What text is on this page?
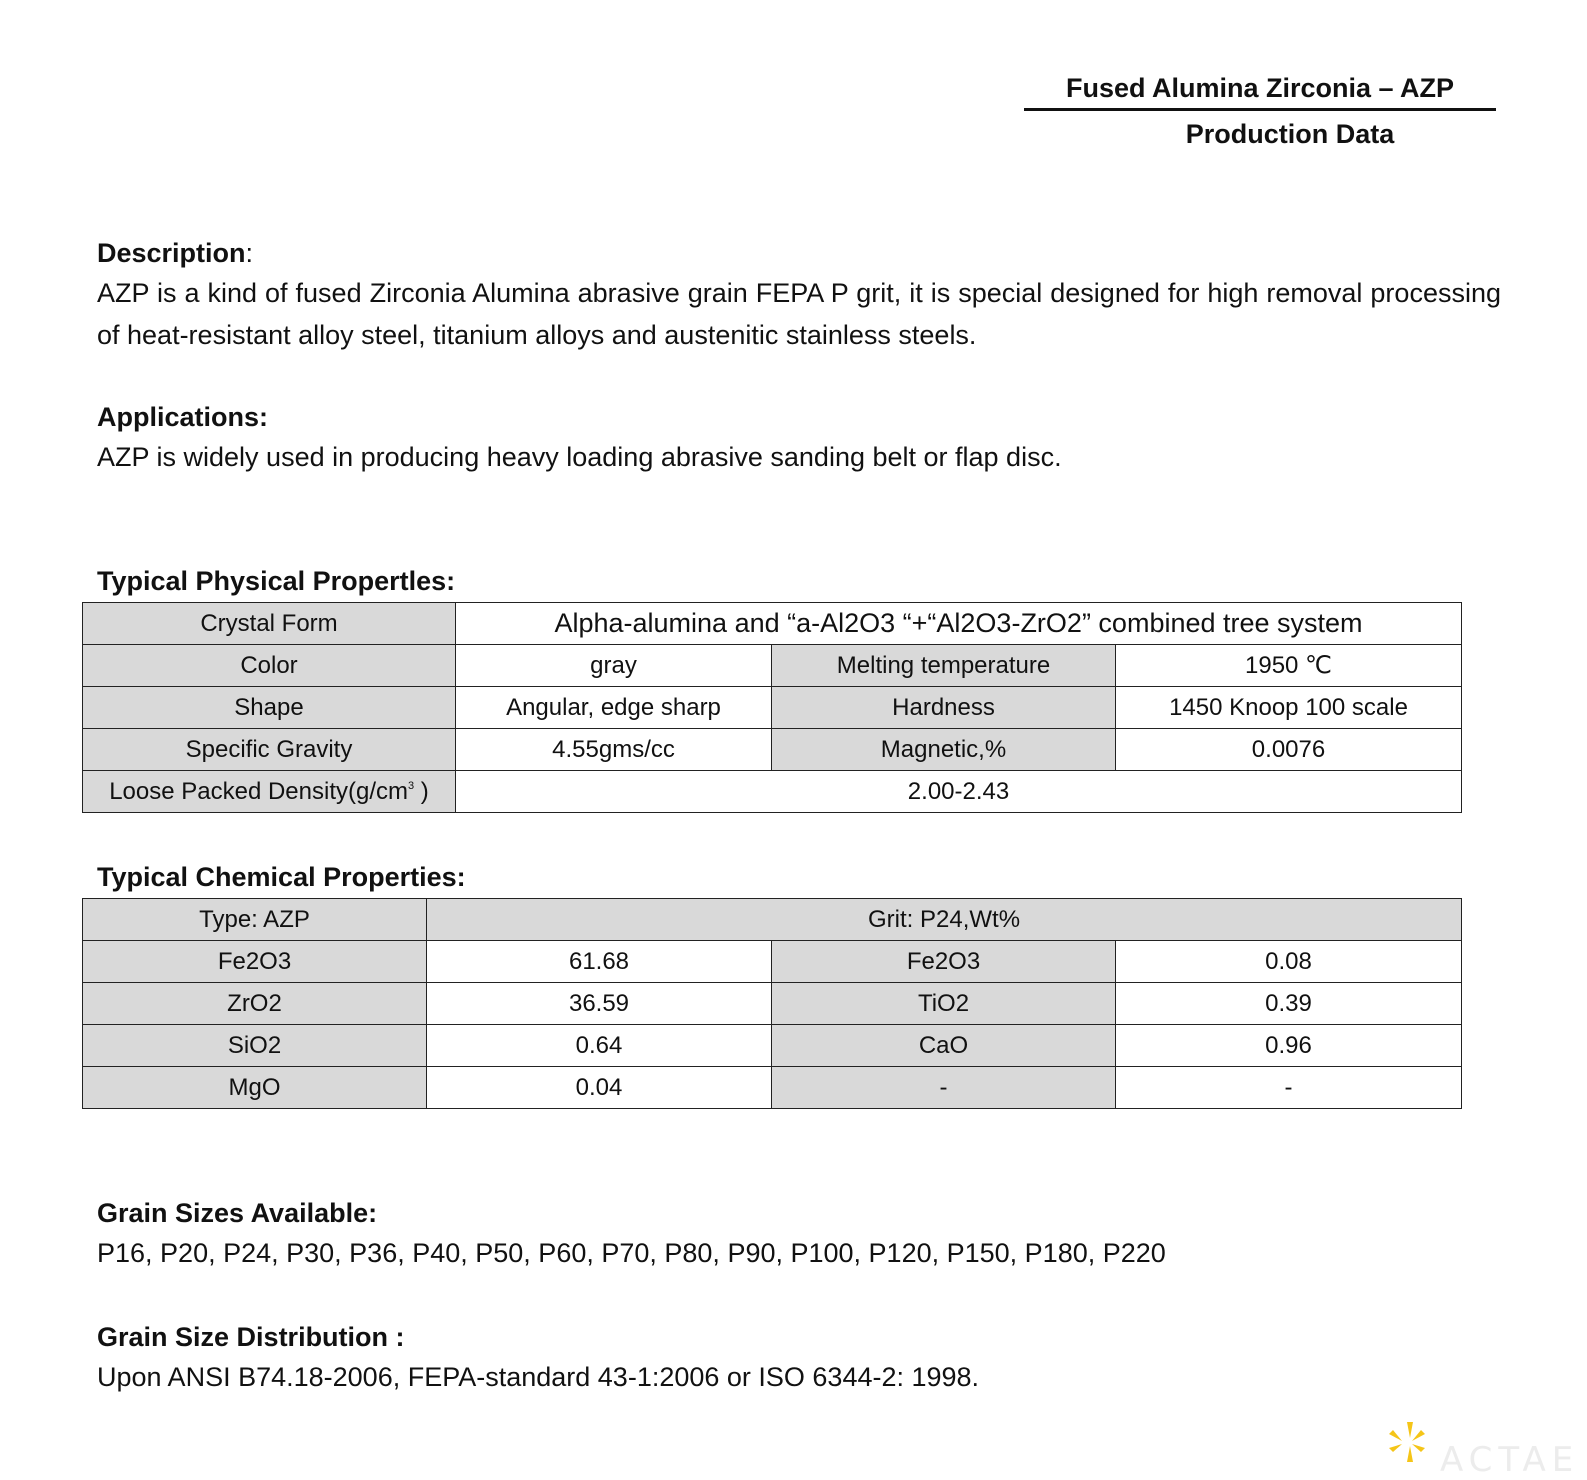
Fused Alumina Zirconia – AZP
Production Data
Description:
AZP is a kind of fused Zirconia Alumina abrasive grain FEPA P grit, it is special designed for high removal processing of heat-resistant alloy steel, titanium alloys and austenitic stainless steels.
Applications:
AZP is widely used in producing heavy loading abrasive sanding belt or flap disc.
Typical Physical Propertles:
Crystal Form	Alpha-alumina and “a-Al2O3 “+“Al2O3-ZrO2” combined tree system		
Color	gray	Melting temperature	1950 ℃
Shape	Angular, edge sharp	Hardness	1450 Knoop 100 scale
Specific Gravity	4.55gms/cc	Magnetic,%	0.0076
Loose Packed $Density(g/cm^3$ )	2.00-2.43		
Typical Chemical Properties:
Type: AZP	Grit: P24,Wt%		
Fe2O3	61.68	Fe2O3	0.08
ZrO2	36.59	TiO2	0.39
SiO2	0.64	CaO	0.96
MgO	0.04	-	-
Grain Sizes Available:
P16, P20, P24, P30, P36, P40, P50, P60, P70, P80, P90, P100, P120, P150, P180, P220
Grain Size Distribution :
Upon ANSI B74.18-2006, FEPA-standard 43-1:2006 or ISO 6344-2: 1998.
ACTAE
